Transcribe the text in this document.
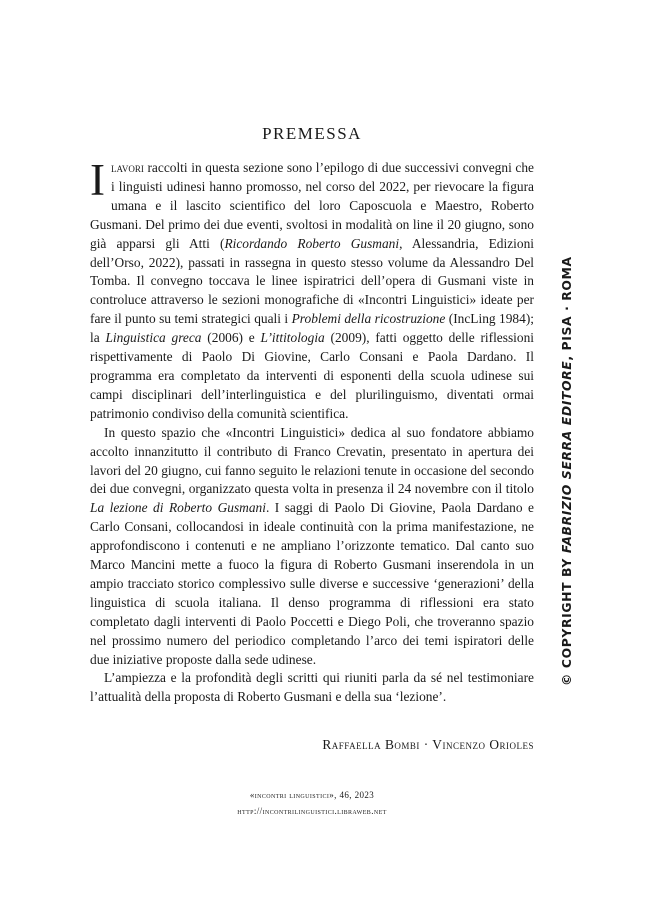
PREMESSA

Ilavori raccolti in questa sezione sono l’epilogo di due successivi convegni che i linguisti udinesi hanno promosso, nel corso del 2022, per rievocare la figura umana e il lascito scientifico del loro Caposcuola e Maestro, Roberto Gusmani. Del primo dei due eventi, svoltosi in modalità on line il 20 giugno, sono già apparsi gli Atti (Ricordando Roberto Gusmani, Alessandria, Edizioni dell’Orso, 2022), passati in rassegna in questo stesso volume da Alessandro Del Tomba. Il convegno toccava le linee ispiratrici dell’opera di Gusmani viste in controluce attraverso le sezioni monografiche di «Incontri Linguistici» ideate per fare il punto su temi strategici quali i Problemi della ricostruzione (IncLing 1984); la Linguistica greca (2006) e L’ittitologia (2009), fatti oggetto delle riflessioni rispettivamente di Paolo Di Giovine, Carlo Consani e Paola Dardano. Il programma era completato da interventi di esponenti della scuola udinese sui campi disciplinari dell’interlinguistica e del plurilinguismo, diventati ormai patrimonio condiviso della comunità scientifica.

In questo spazio che «Incontri Linguistici» dedica al suo fondatore abbiamo accolto innanzitutto il contributo di Franco Crevatin, presentato in apertura dei lavori del 20 giugno, cui fanno seguito le relazioni tenute in occasione del secondo dei due convegni, organizzato questa volta in presenza il 24 novembre con il titolo La lezione di Roberto Gusmani. I saggi di Paolo Di Giovine, Paola Dardano e Carlo Consani, collocandosi in ideale continuità con la prima manifestazione, ne approfondiscono i contenuti e ne ampliano l’orizzonte tematico. Dal canto suo Marco Mancini mette a fuoco la figura di Roberto Gusmani inserendola in un ampio tracciato storico complessivo sulle diverse e successive ‘generazioni’ della linguistica di scuola italiana. Il denso programma di riflessioni era stato completato dagli interventi di Paolo Poccetti e Diego Poli, che troveranno spazio nel prossimo numero del periodico completando l’arco dei temi ispiratori delle due iniziative proposte dalla sede udinese.

L’ampiezza e la profondità degli scritti qui riuniti parla da sé nel testimoniare l’attualità della proposta di Roberto Gusmani e della sua ‘lezione’.

Raffaella Bombi · Vincenzo Orioles
«incontri linguistici», 46, 2023
http://incontrilinguistici.libraweb.net
© COPYRIGHT BY FABRIZIO SERRA EDITORE, PISA · ROMA
